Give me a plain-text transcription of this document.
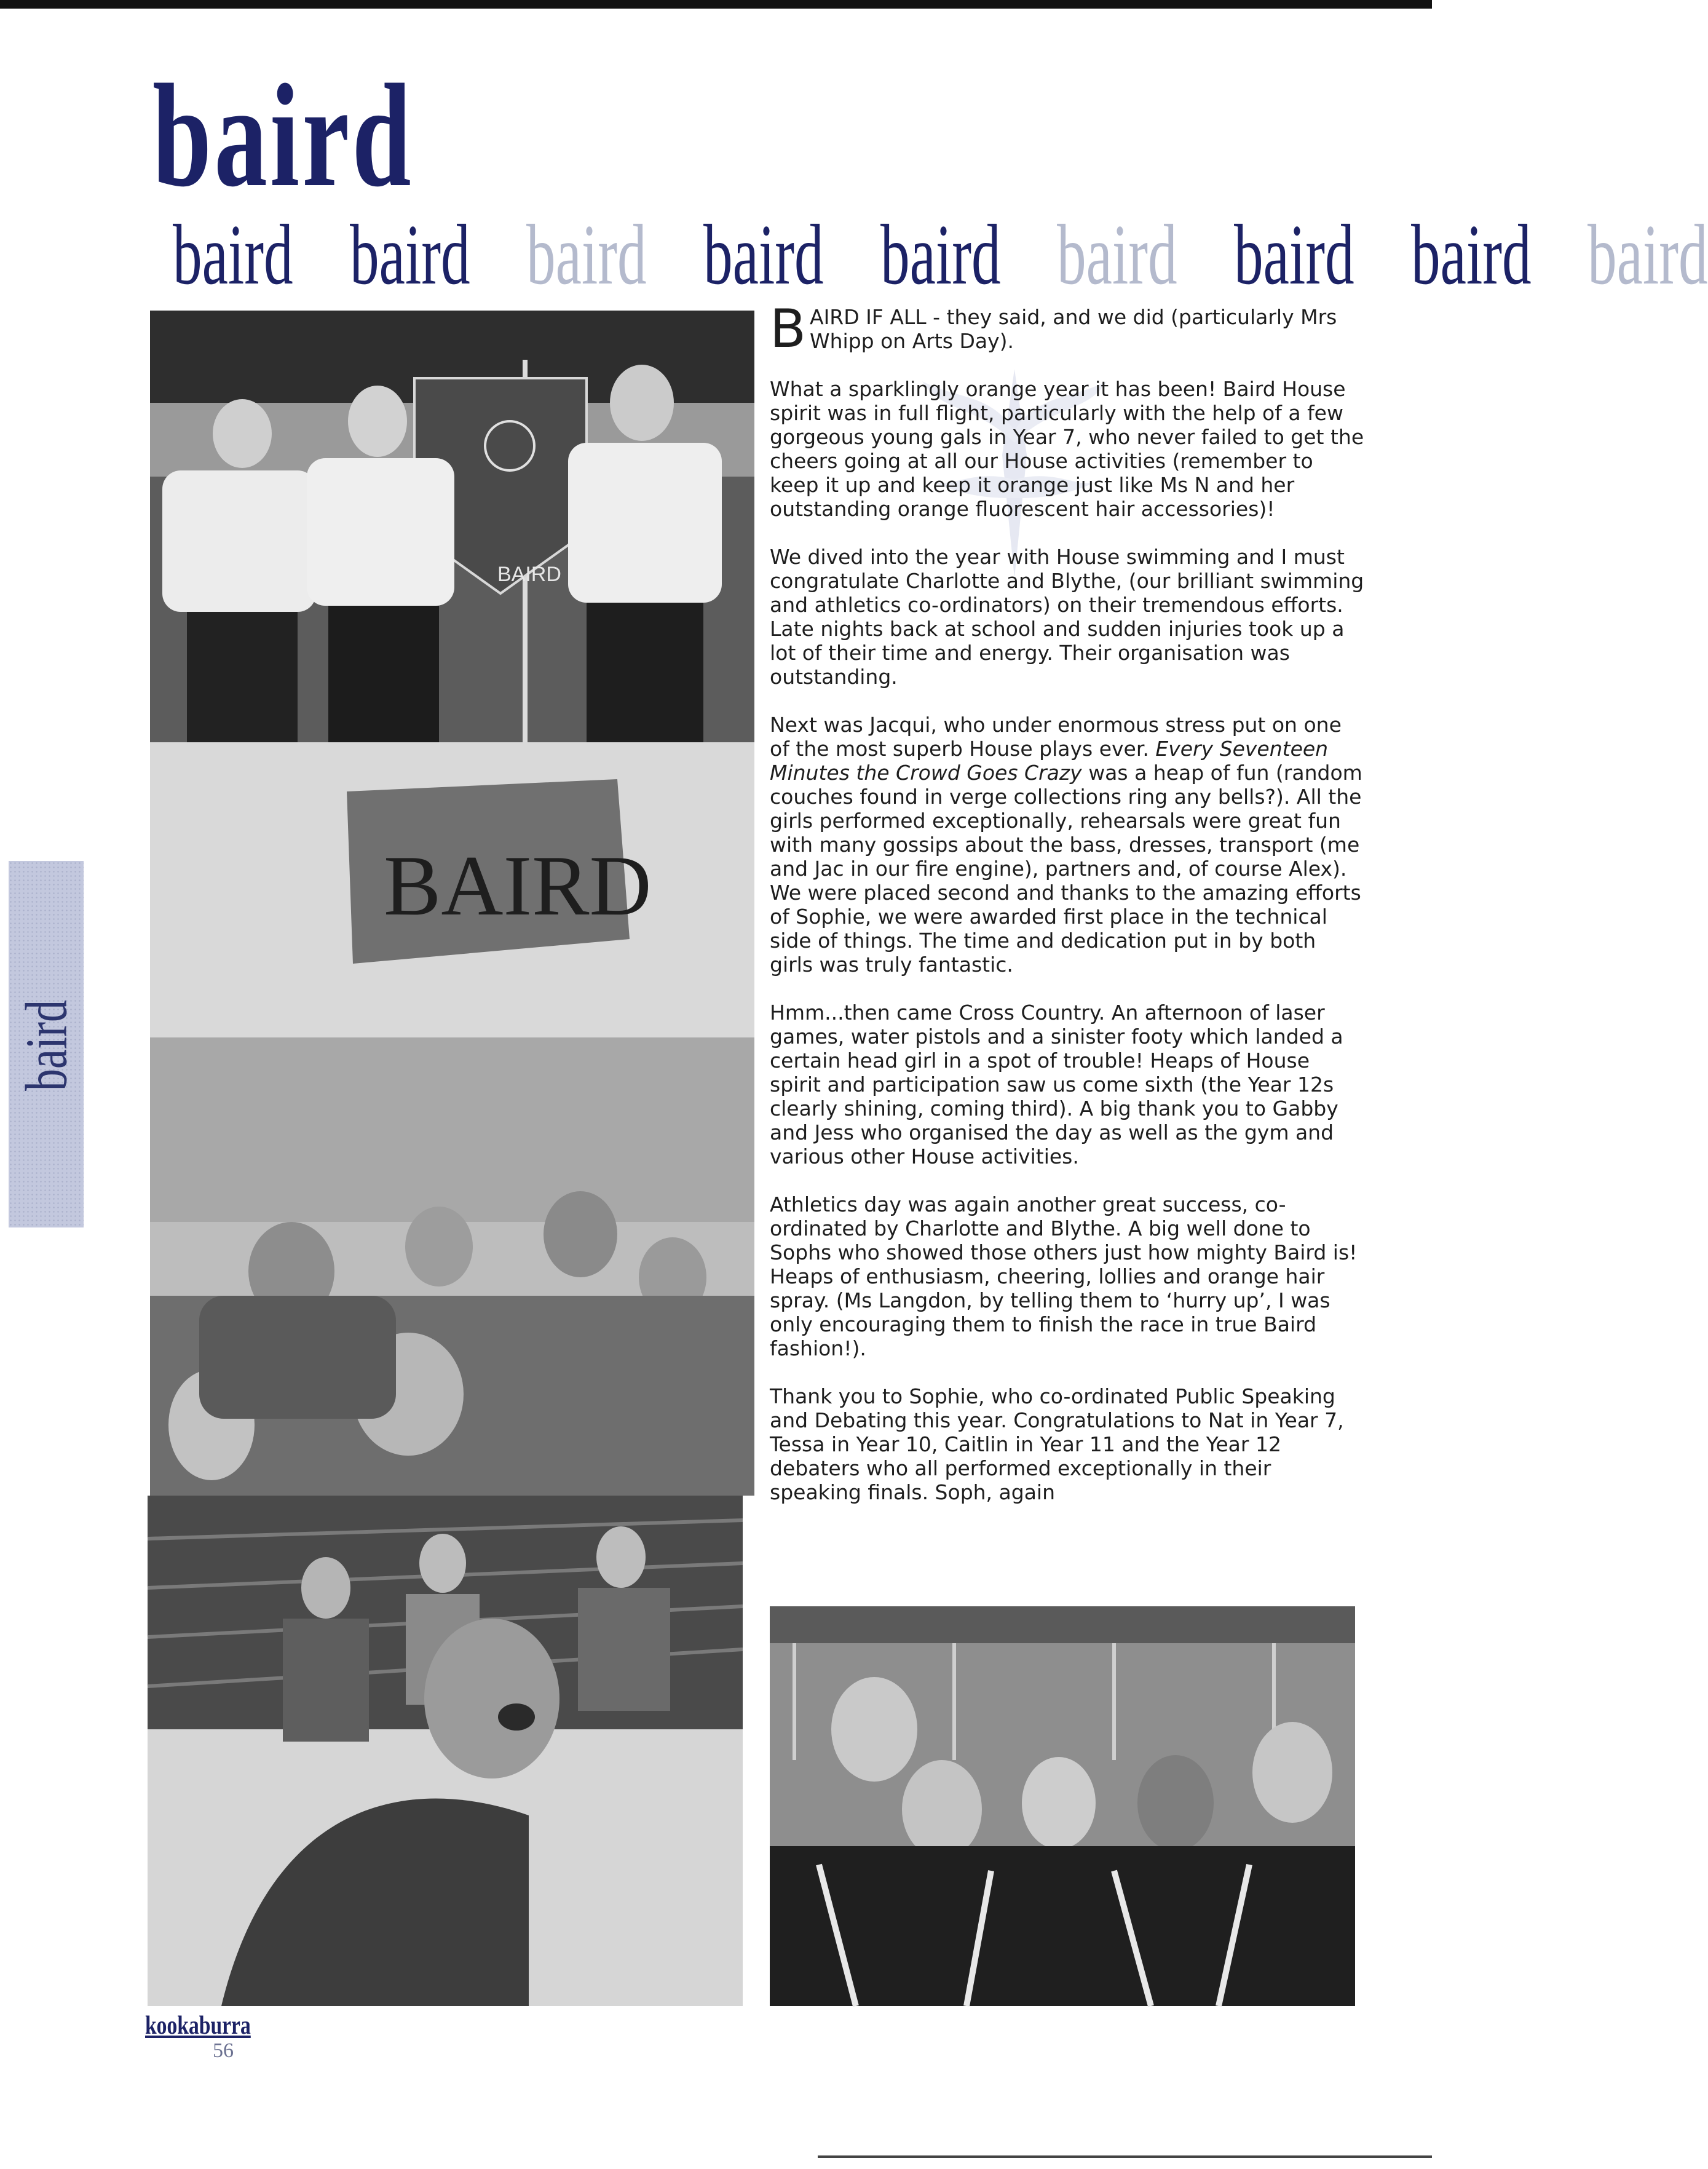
baird
baird baird baird baird baird baird baird baird baird
baird
BAIRD
BAIRD

BAIRD IF ALL - they said, and we did (particularly Mrs Whipp on Arts Day).

What a sparklingly orange year it has been! Baird House spirit was in full flight, particularly with the help of a few gorgeous young gals in Year 7, who never failed to get the cheers going at all our House activities (remember to keep it up and keep it orange just like Ms N and her outstanding orange fluorescent hair accessories)!

We dived into the year with House swimming and I must congratulate Charlotte and Blythe, (our brilliant swimming and athletics co-ordinators) on their tremendous efforts. Late nights back at school and sudden injuries took up a lot of their time and energy. Their organisation was outstanding.

Next was Jacqui, who under enormous stress put on one of the most superb House plays ever. Every Seventeen Minutes the Crowd Goes Crazy was a heap of fun (random couches found in verge collections ring any bells?). All the girls performed exceptionally, rehearsals were great fun with many gossips about the bass, dresses, transport (me and Jac in our fire engine), partners and, of course Alex). We were placed second and thanks to the amazing efforts of Sophie, we were awarded first place in the technical side of things. The time and dedication put in by both girls was truly fantastic.

Hmm...then came Cross Country. An afternoon of laser games, water pistols and a sinister footy which landed a certain head girl in a spot of trouble! Heaps of House spirit and participation saw us come sixth (the Year 12s clearly shining, coming third). A big thank you to Gabby and Jess who organised the day as well as the gym and various other House activities.

Athletics day was again another great success, co-ordinated by Charlotte and Blythe. A big well done to Sophs who showed those others just how mighty Baird is! Heaps of enthusiasm, cheering, lollies and orange hair spray. (Ms Langdon, by telling them to ‘hurry up’, I was only encouraging them to finish the race in true Baird fashion!).

Thank you to Sophie, who co-ordinated Public Speaking and Debating this year. Congratulations to Nat in Year 7, Tessa in Year 10, Caitlin in Year 11 and the Year 12 debaters who all performed exceptionally in their speaking finals. Soph, again

kookaburra
56
